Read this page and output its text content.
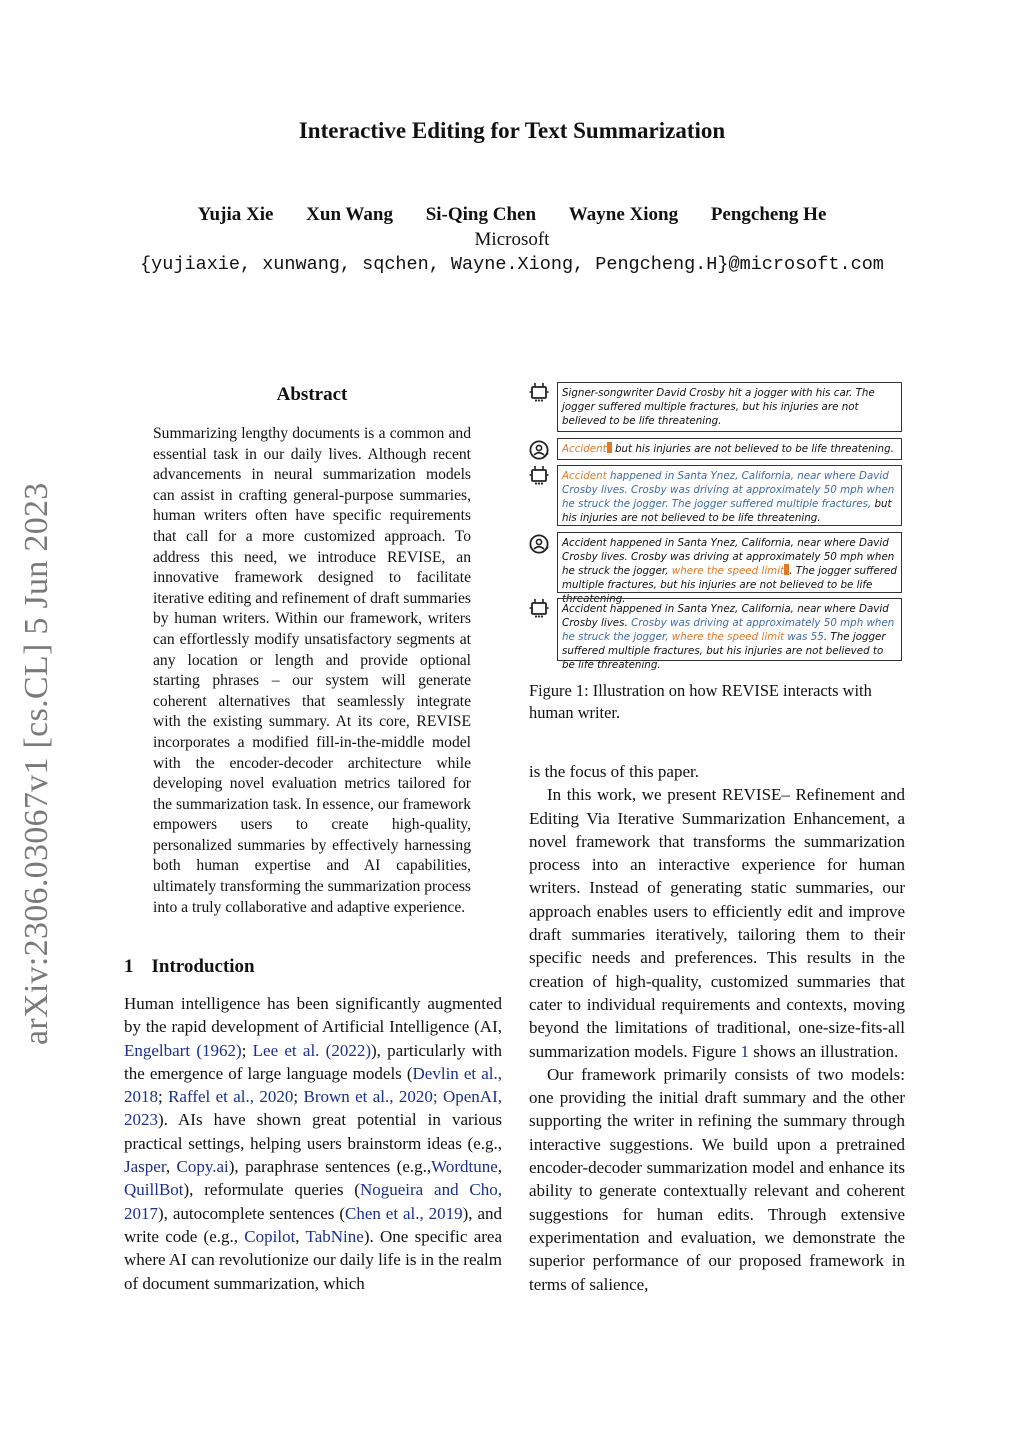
Interactive Editing for Text Summarization
Yujia Xie Xun Wang Si-Qing Chen Wayne Xiong Pengcheng He
Microsoft
{yujiaxie, xunwang, sqchen, Wayne.Xiong, Pengcheng.H}@microsoft.com
arXiv:2306.03067v1 [cs.CL] 5 Jun 2023
Abstract
Summarizing lengthy documents is a common and essential task in our daily lives. Although recent advancements in neural summarization models can assist in crafting general-purpose summaries, human writers often have specific requirements that call for a more customized approach. To address this need, we introduce REVISE, an innovative framework designed to facilitate iterative editing and refinement of draft summaries by human writers. Within our framework, writers can effortlessly modify unsatisfactory segments at any location or length and provide optional starting phrases – our system will generate coherent alternatives that seamlessly integrate with the existing summary. At its core, REVISE incorporates a modified fill-in-the-middle model with the encoder-decoder architecture while developing novel evaluation metrics tailored for the summarization task. In essence, our framework empowers users to create high-quality, personalized summaries by effectively harnessing both human expertise and AI capabilities, ultimately transforming the summarization process into a truly collaborative and adaptive experience.
1 Introduction
Human intelligence has been significantly augmented by the rapid development of Artificial Intelligence (AI, Engelbart (1962); Lee et al. (2022)), particularly with the emergence of large language models (Devlin et al., 2018; Raffel et al., 2020; Brown et al., 2020; OpenAI, 2023). AIs have shown great potential in various practical settings, helping users brainstorm ideas (e.g., Jasper, Copy.ai), paraphrase sentences (e.g.,Wordtune, QuillBot), reformulate queries (Nogueira and Cho, 2017), autocomplete sentences (Chen et al., 2019), and write code (e.g., Copilot, TabNine). One specific area where AI can revolutionize our daily life is in the realm of document summarization, which
Signer-songwriter David Crosby hit a jogger with his car. The jogger suffered multiple fractures, but his injuries are not believed to be life threatening.
Accident but his injuries are not believed to be life threatening.
Accident happened in Santa Ynez, California, near where David Crosby lives. Crosby was driving at approximately 50 mph when he struck the jogger. The jogger suffered multiple fractures, but his injuries are not believed to be life threatening.
Accident happened in Santa Ynez, California, near where David Crosby lives. Crosby was driving at approximately 50 mph when he struck the jogger, where the speed limit . The jogger suffered multiple fractures, but his injuries are not believed to be life threatening.
Accident happened in Santa Ynez, California, near where David Crosby lives. Crosby was driving at approximately 50 mph when he struck the jogger, where the speed limit was 55. The jogger suffered multiple fractures, but his injuries are not believed to be life threatening.
Figure 1: Illustration on how REVISE interacts with human writer.

is the focus of this paper.

In this work, we present REVISE– Refinement and Editing Via Iterative Summarization Enhancement, a novel framework that transforms the summarization process into an interactive experience for human writers. Instead of generating static summaries, our approach enables users to efficiently edit and improve draft summaries iteratively, tailoring them to their specific needs and preferences. This results in the creation of high-quality, customized summaries that cater to individual requirements and contexts, moving beyond the limitations of traditional, one-size-fits-all summarization models. Figure 1 shows an illustration.

Our framework primarily consists of two models: one providing the initial draft summary and the other supporting the writer in refining the summary through interactive suggestions. We build upon a pretrained encoder-decoder summarization model and enhance its ability to generate contextually relevant and coherent suggestions for human edits. Through extensive experimentation and evaluation, we demonstrate the superior performance of our proposed framework in terms of salience,
